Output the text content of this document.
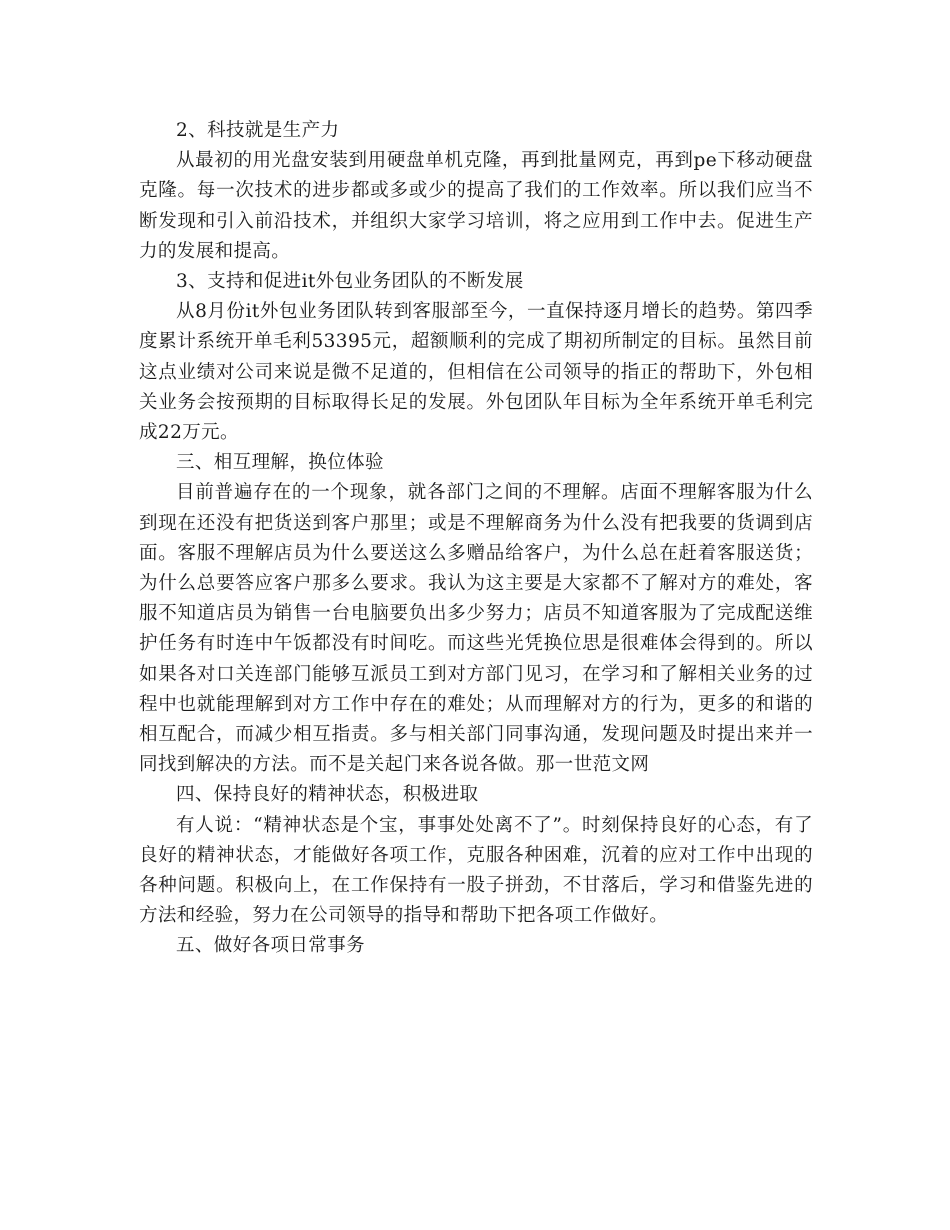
2、科技就是生产力

从最初的用光盘安装到用硬盘单机克隆，再到批量网克，再到pe下移动硬盘克隆。每一次技术的进步都或多或少的提高了我们的工作效率。所以我们应当不断发现和引入前沿技术，并组织大家学习培训，将之应用到工作中去。促进生产力的发展和提高。

3、支持和促进it外包业务团队的不断发展

从8月份it外包业务团队转到客服部至今，一直保持逐月增长的趋势。第四季度累计系统开单毛利53395元，超额顺利的完成了期初所制定的目标。虽然目前这点业绩对公司来说是微不足道的，但相信在公司领导的指正的帮助下，外包相关业务会按预期的目标取得长足的发展。外包团队年目标为全年系统开单毛利完成22万元。

三、相互理解，换位体验

目前普遍存在的一个现象，就各部门之间的不理解。店面不理解客服为什么到现在还没有把货送到客户那里；或是不理解商务为什么没有把我要的货调到店面。客服不理解店员为什么要送这么多赠品给客户，为什么总在赶着客服送货；为什么总要答应客户那多么要求。我认为这主要是大家都不了解对方的难处，客服不知道店员为销售一台电脑要负出多少努力；店员不知道客服为了完成配送维护任务有时连中午饭都没有时间吃。而这些光凭换位思是很难体会得到的。所以如果各对口关连部门能够互派员工到对方部门见习，在学习和了解相关业务的过程中也就能理解到对方工作中存在的难处；从而理解对方的行为，更多的和谐的相互配合，而减少相互指责。多与相关部门同事沟通，发现问题及时提出来并一同找到解决的方法。而不是关起门来各说各做。那一世范文网

四、保持良好的精神状态，积极进取

有人说：“精神状态是个宝，事事处处离不了”。时刻保持良好的心态，有了良好的精神状态，才能做好各项工作，克服各种困难，沉着的应对工作中出现的各种问题。积极向上，在工作保持有一股子拼劲，不甘落后，学习和借鉴先进的方法和经验，努力在公司领导的指导和帮助下把各项工作做好。

五、做好各项日常事务
